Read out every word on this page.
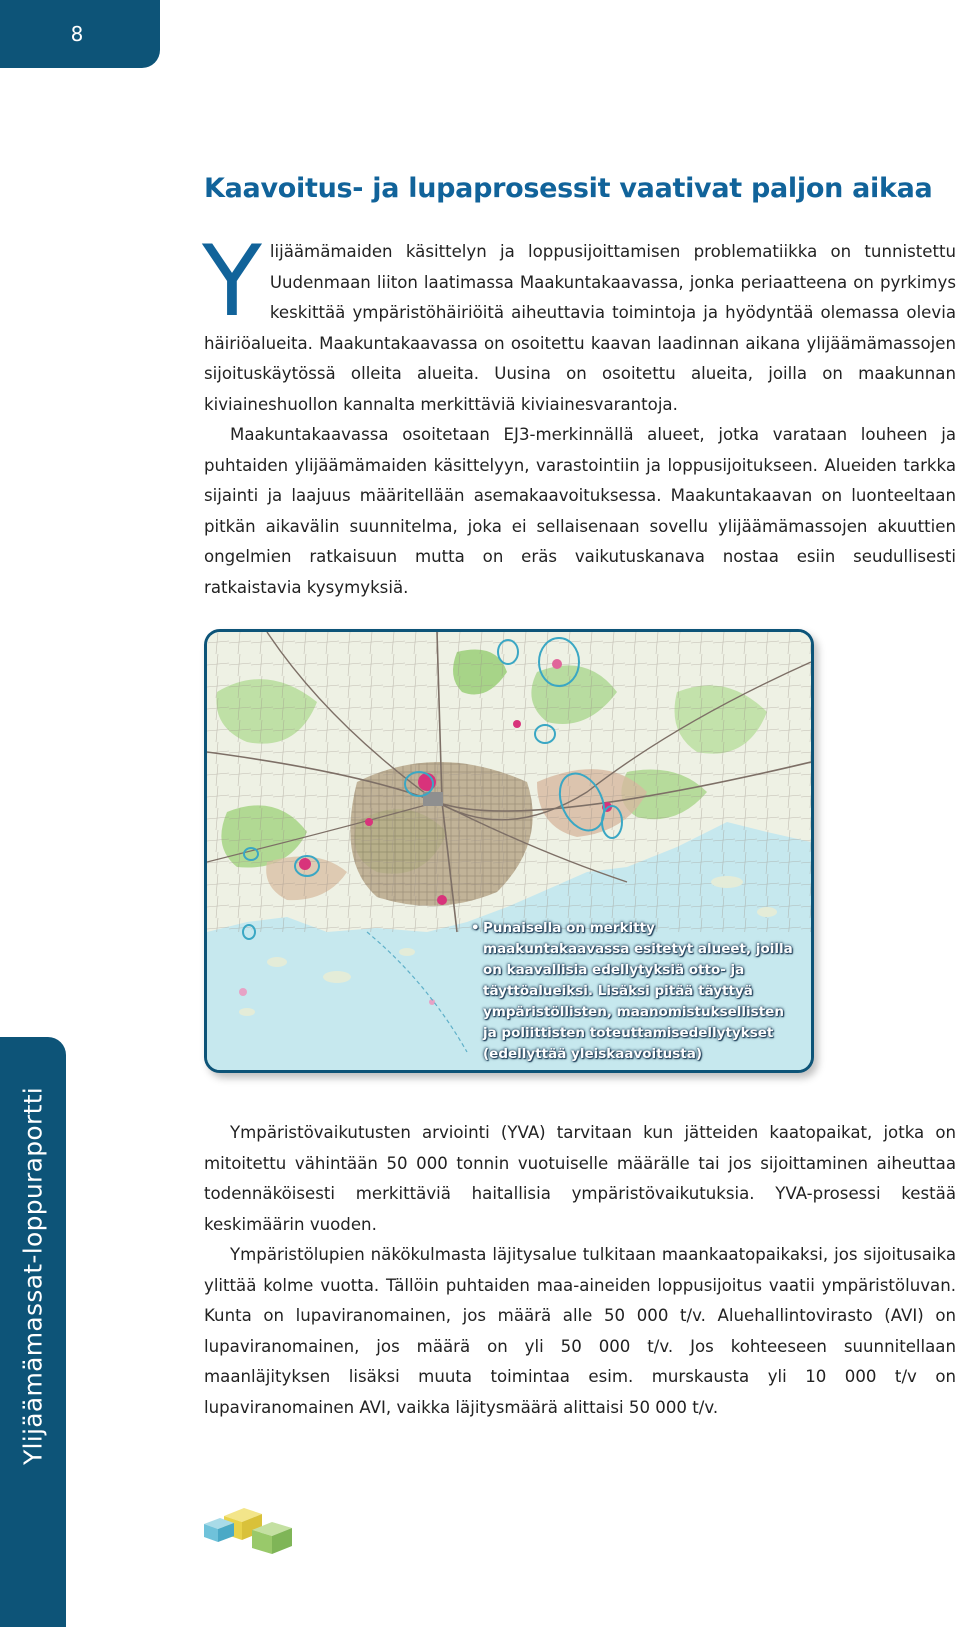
8
Kaavoitus- ja lupaprosessit vaativat paljon aikaa

Ylijäämämaiden käsittelyn ja loppusijoittamisen problematiikka on tunnistettu Uudenmaan liiton laatimassa Maakuntakaavassa, jonka periaatteena on pyrkimys keskittää ympäristöhäiriöitä aiheuttavia toimintoja ja hyödyntää olemassa olevia häiriöalueita. Maakuntakaavassa on osoitettu kaavan laadinnan aikana ylijäämämassojen sijoituskäytössä olleita alueita. Uusina on osoitettu alueita, joilla on maakunnan kiviaineshuollon kannalta merkittäviä kiviainesvarantoja.

Maakuntakaavassa osoitetaan EJ3-merkinnällä alueet, jotka varataan louheen ja puhtaiden ylijäämämaiden käsittelyyn, varastointiin ja loppusijoitukseen. Alueiden tarkka sijainti ja laajuus määritellään asemakaavoituksessa. Maakuntakaavan on luonteeltaan pitkän aikavälin suunnitelma, joka ei sellaisenaan sovellu ylijäämämassojen akuuttien ongelmien ratkaisuun mutta on eräs vaikutuskanava nostaa esiin seudullisesti ratkaistavia kysymyksiä.

• Punaisella on merkitty maakuntakaavassa esitetyt alueet, joilla on kaavallisia edellytyksiä otto- ja täyttöalueiksi. Lisäksi pitää täyttyä ympäristöllisten, maanomistuksellisten ja poliittisten toteuttamisedellytykset (edellyttää yleiskaavoitusta)

Ympäristövaikutusten arviointi (YVA) tarvitaan kun jätteiden kaatopaikat, jotka on mitoitettu vähintään 50 000 tonnin vuotuiselle määrälle tai jos sijoittaminen aiheuttaa todennäköisesti merkittäviä haitallisia ympäristövaikutuksia. YVA-prosessi kestää keskimäärin vuoden.

Ympäristölupien näkökulmasta läjitysalue tulkitaan maankaatopaikaksi, jos sijoitusaika ylittää kolme vuotta. Tällöin puhtaiden maa-aineiden loppusijoitus vaatii ympäristöluvan. Kunta on lupaviranomainen, jos määrä alle 50 000 t/v. Aluehallintovirasto (AVI) on lupaviranomainen, jos määrä on yli 50 000 t/v. Jos kohteeseen suunnitellaan maanläjityksen lisäksi muuta toimintaa esim. murskausta yli 10 000 t/v on lupaviranomainen AVI, vaikka läjitysmäärä alittaisi 50 000 t/v.

Ylijäämämassat-loppuraportti
